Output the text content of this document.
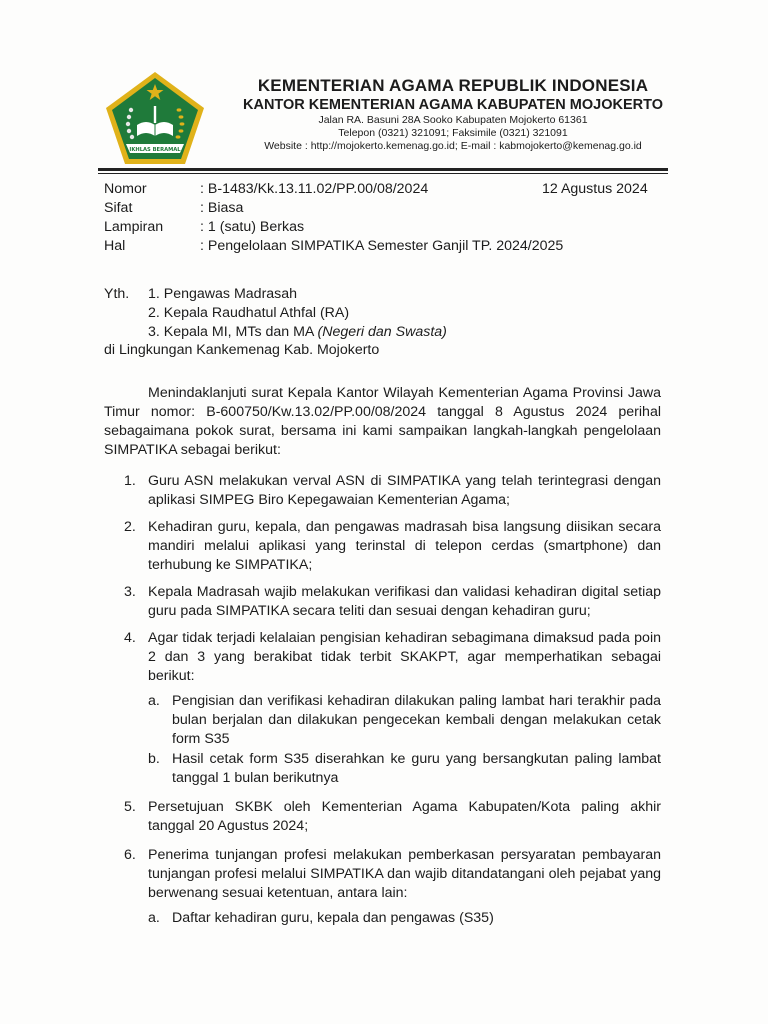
IKHLAS BERAMAL
KEMENTERIAN AGAMA REPUBLIK INDONESIA
KANTOR KEMENTERIAN AGAMA KABUPATEN MOJOKERTO
Jalan RA. Basuni 28A Sooko Kabupaten Mojokerto 61361
Telepon (0321) 321091; Faksimile (0321) 321091
Website : http://mojokerto.kemenag.go.id; E-mail : kabmojokerto@kemenag.go.id
Nomor	: B-1483/Kk.13.11.02/PP.00/08/2024	12 Agustus 2024
Sifat	: Biasa
Lampiran	: 1 (satu) Berkas
Hal	: Pengelolaan SIMPATIKA Semester Ganjil TP. 2024/2025
Yth. 1. Pengawas Madrasah
2. Kepala Raudhatul Athfal (RA)
3. Kepala MI, MTs dan MA (Negeri dan Swasta)
di Lingkungan Kankemenag Kab. Mojokerto
Menindaklanjuti surat Kepala Kantor Wilayah Kementerian Agama Provinsi Jawa Timur nomor: B-600750/Kw.13.02/PP.00/08/2024 tanggal 8 Agustus 2024 perihal sebagaimana pokok surat, bersama ini kami sampaikan langkah-langkah pengelolaan SIMPATIKA sebagai berikut:
1. Guru ASN melakukan verval ASN di SIMPATIKA yang telah terintegrasi dengan aplikasi SIMPEG Biro Kepegawaian Kementerian Agama;
2. Kehadiran guru, kepala, dan pengawas madrasah bisa langsung diisikan secara mandiri melalui aplikasi yang terinstal di telepon cerdas (smartphone) dan terhubung ke SIMPATIKA;
3. Kepala Madrasah wajib melakukan verifikasi dan validasi kehadiran digital setiap guru pada SIMPATIKA secara teliti dan sesuai dengan kehadiran guru;
4. Agar tidak terjadi kelalaian pengisian kehadiran sebagimana dimaksud pada poin 2 dan 3 yang berakibat tidak terbit SKAKPT, agar memperhatikan sebagai berikut:
a. Pengisian dan verifikasi kehadiran dilakukan paling lambat hari terakhir pada bulan berjalan dan dilakukan pengecekan kembali dengan melakukan cetak form S35
b. Hasil cetak form S35 diserahkan ke guru yang bersangkutan paling lambat tanggal 1 bulan berikutnya
5. Persetujuan SKBK oleh Kementerian Agama Kabupaten/Kota paling akhir tanggal 20 Agustus 2024;
6. Penerima tunjangan profesi melakukan pemberkasan persyaratan pembayaran tunjangan profesi melalui SIMPATIKA dan wajib ditandatangani oleh pejabat yang berwenang sesuai ketentuan, antara lain:
a. Daftar kehadiran guru, kepala dan pengawas (S35)
